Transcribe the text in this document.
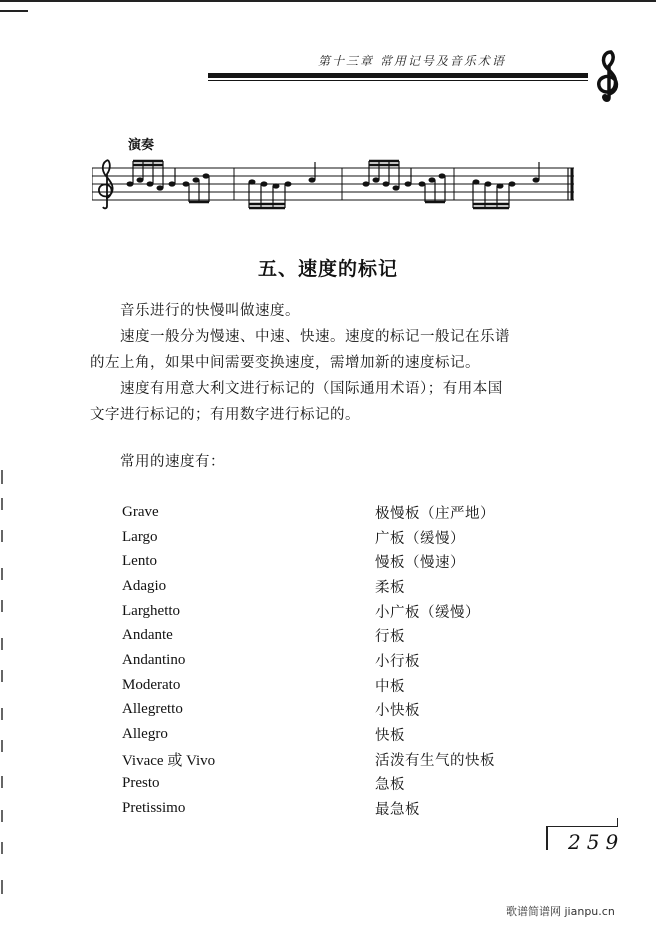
第十三章 常用记号及音乐术语
演奏
五、速度的标记
音乐进行的快慢叫做速度。
速度一般分为慢速、中速、快速。速度的标记一般记在乐谱
的左上角，如果中间需要变换速度，需增加新的速度标记。
速度有用意大利文进行标记的（国际通用术语）；有用本国
文字进行标记的；有用数字进行标记的。
常用的速度有：
Grave	极慢板（庄严地）
Largo	广板（缓慢）
Lento	慢板（慢速）
Adagio	柔板
Larghetto	小广板（缓慢）
Andante	行板
Andantino	小行板
Moderato	中板
Allegretto	小快板
Allegro	快板
Vivace 或 Vivo	活泼有生气的快板
Presto	急板
Pretissimo	最急板
259
歌谱简谱网 jianpu.cn
